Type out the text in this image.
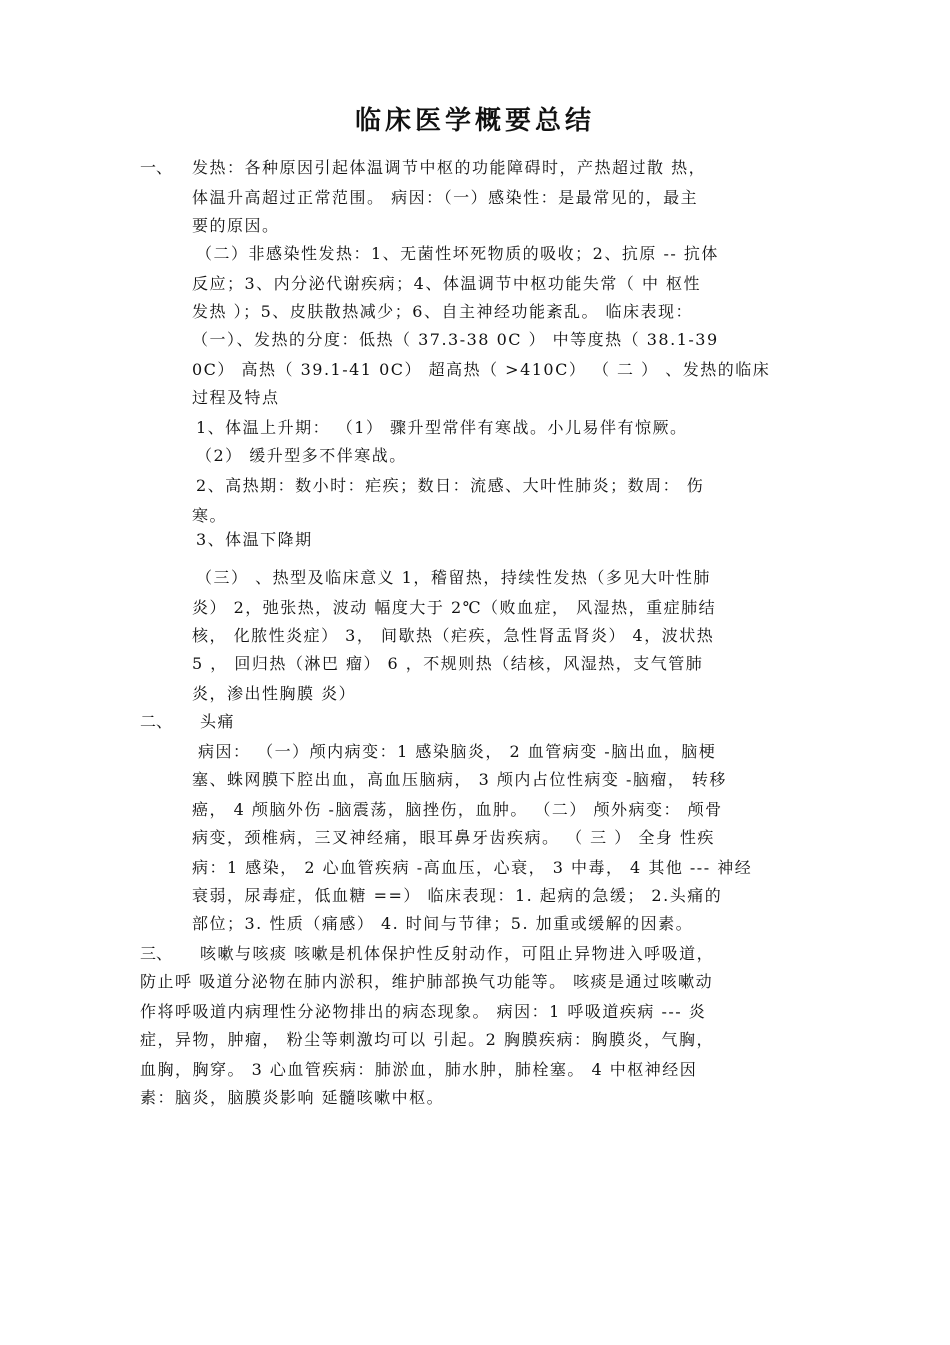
临床医学概要总结
一、 发热：各种原因引起体温调节中枢的功能障碍时，产热超过散 热，
体温升高超过正常范围。 病因：（一）感染性：是最常见的，最主
要的原因。
（二）非感染性发热：1、无菌性坏死物质的吸收；2、抗原 -- 抗体
反应；3、内分泌代谢疾病；4、体温调节中枢功能失常（ 中 枢性
发热 ）；5、皮肤散热减少；6、自主神经功能紊乱。 临床表现：
（一）、发热的分度：低热（ 37.3-38 0C ） 中等度热（ 38.1-39
0C） 高热（ 39.1-41 0C） 超高热（ >410C） （ 二 ） 、发热的临床
过程及特点
1、体温上升期： （1） 骤升型常伴有寒战。小儿易伴有惊厥。
（2） 缓升型多不伴寒战。
2、高热期：数小时：疟疾；数日：流感、大叶性肺炎；数周： 伤
寒。
3、体温下降期
（三） 、热型及临床意义 1，稽留热，持续性发热（多见大叶性肺
炎） 2，弛张热，波动 幅度大于 2℃（败血症， 风湿热，重症肺结
核， 化脓性炎症） 3， 间歇热（疟疾，急性肾盂肾炎） 4，波状热
5 ， 回归热（淋巴 瘤） 6 ，不规则热（结核，风湿热，支气管肺
炎，渗出性胸膜 炎）
二、 头痛
病因： （一）颅内病变：1 感染脑炎， 2 血管病变 -脑出血，脑梗
塞、蛛网膜下腔出血，高血压脑病， 3 颅内占位性病变 -脑瘤， 转移
癌， 4 颅脑外伤 -脑震荡，脑挫伤，血肿。 （二） 颅外病变： 颅骨
病变，颈椎病，三叉神经痛，眼耳鼻牙齿疾病。 （ 三 ） 全身 性疾
病：1 感染， 2 心血管疾病 -高血压，心衰， 3 中毒， 4 其他 --- 神经
衰弱，尿毒症，低血糖 ==） 临床表现：1. 起病的急缓； 2.头痛的
部位；3. 性质（痛感） 4. 时间与节律；5. 加重或缓解的因素。
三、 咳嗽与咳痰 咳嗽是机体保护性反射动作，可阻止异物进入呼吸道，
防止呼 吸道分泌物在肺内淤积，维护肺部换气功能等。 咳痰是通过咳嗽动
作将呼吸道内病理性分泌物排出的病态现象。 病因：1 呼吸道疾病 --- 炎
症，异物，肿瘤， 粉尘等刺激均可以 引起。2 胸膜疾病：胸膜炎，气胸，
血胸，胸穿。 3 心血管疾病：肺淤血，肺水肿，肺栓塞。 4 中枢神经因
素：脑炎，脑膜炎影响 延髓咳嗽中枢。
